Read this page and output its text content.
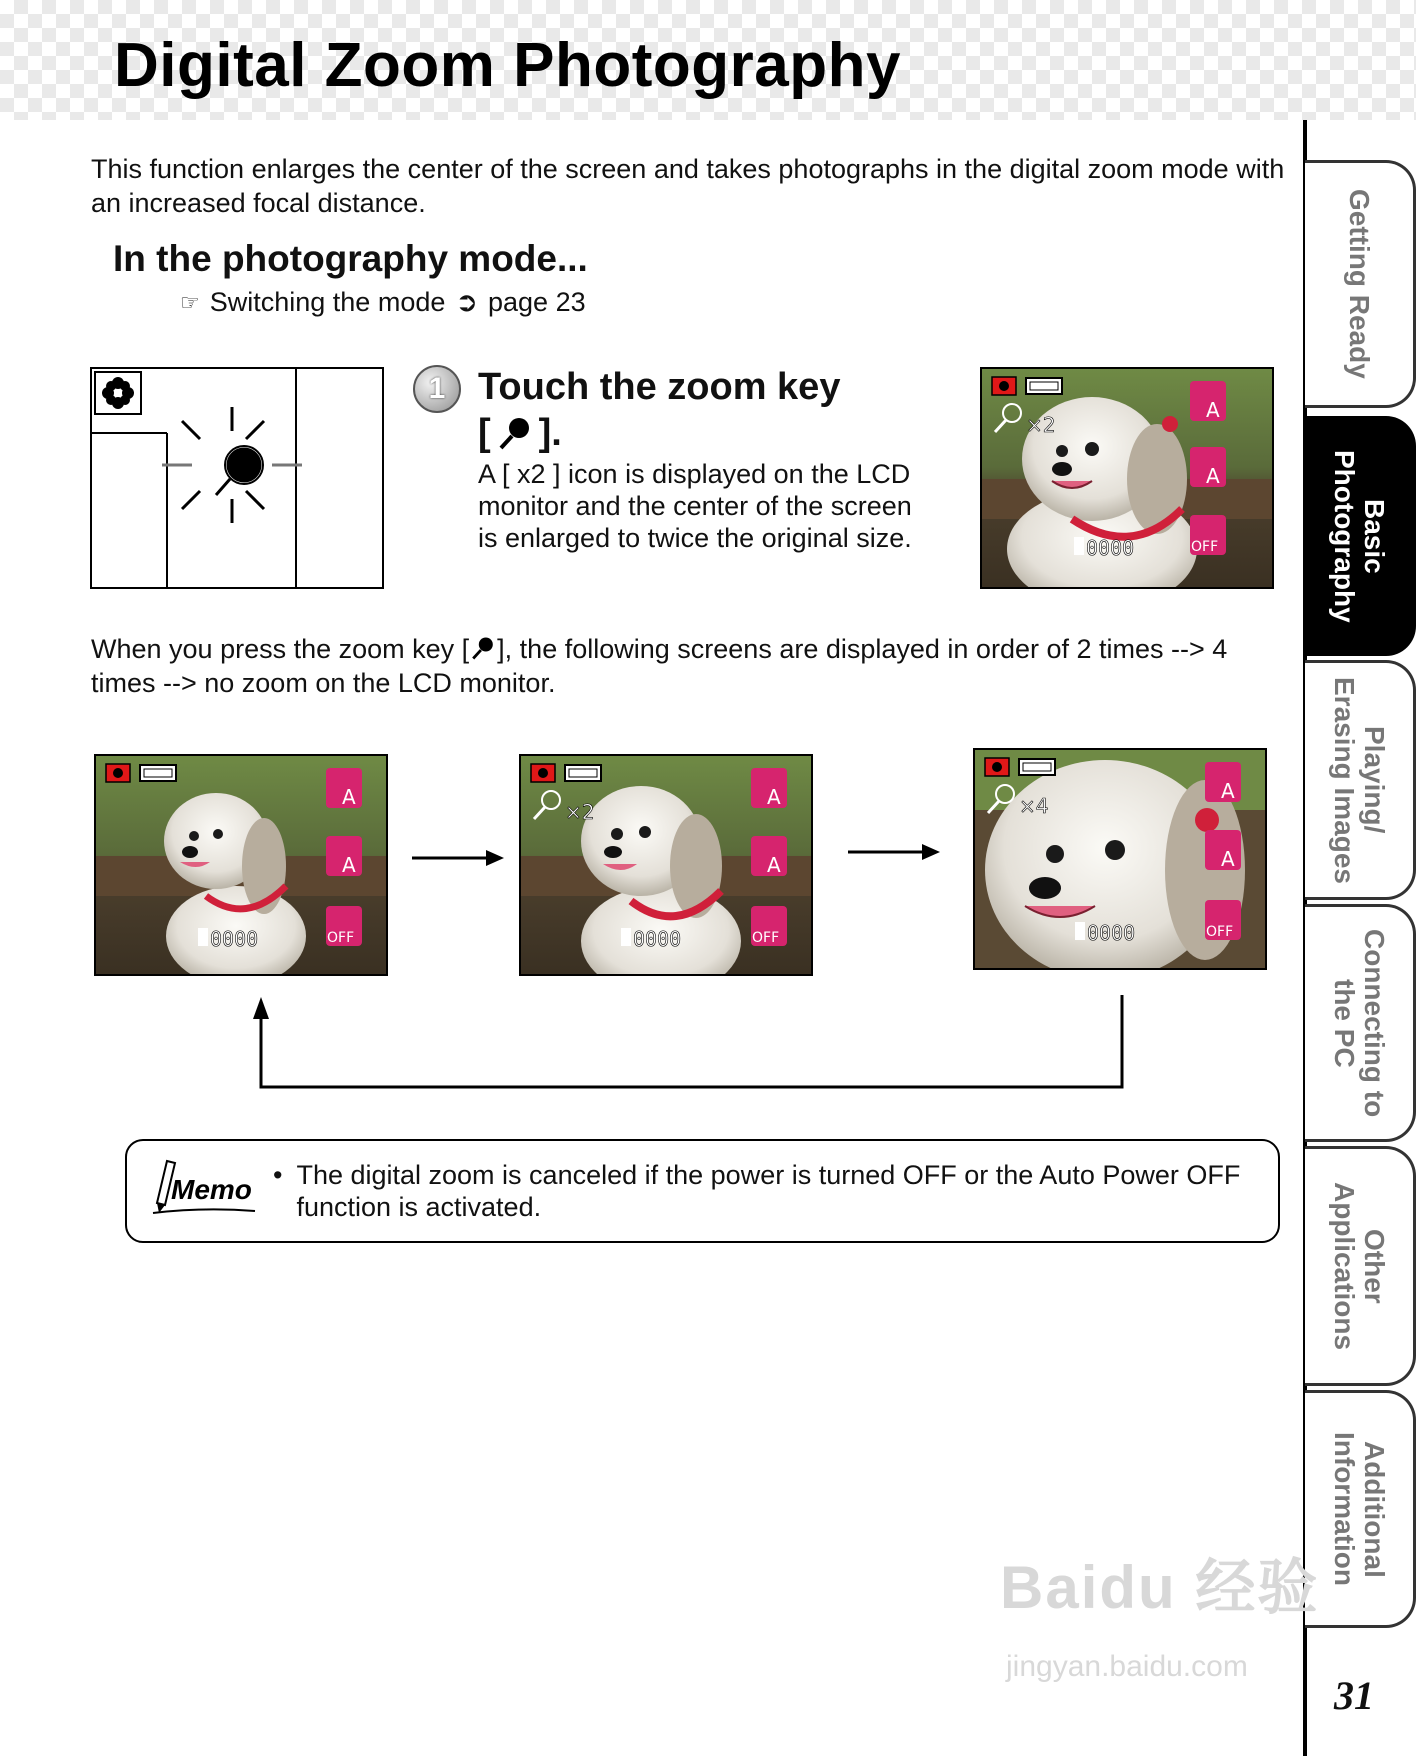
Digital Zoom Photography

This function enlarges the center of the screen and takes photographs in the digital zoom mode with an increased focal distance.

In the photography mode...
☞ Switching the mode ➲ page 23
1 Touch the zoom key
[ ].

A [ x2 ] icon is displayed on the LCD monitor and the center of the screen is enlarged to twice the original size.

×2
A
A
OFF
0000

When you press the zoom key [ ], the following screens are displayed in order of 2 times --> 4 times --> no zoom on the LCD monitor.

A
A
OFF
0000
×2
A
A
OFF
0000
×4
A
A
OFF
0000
Memo • The digital zoom is canceled if the power is turned OFF or the Auto Power OFF function is activated.
Getting Ready
Basic
Photography
Playing/
Erasing Images
Connecting to
the PC
Other
Applications
Additional
Information
Baidu 经验
jingyan.baidu.com
31
